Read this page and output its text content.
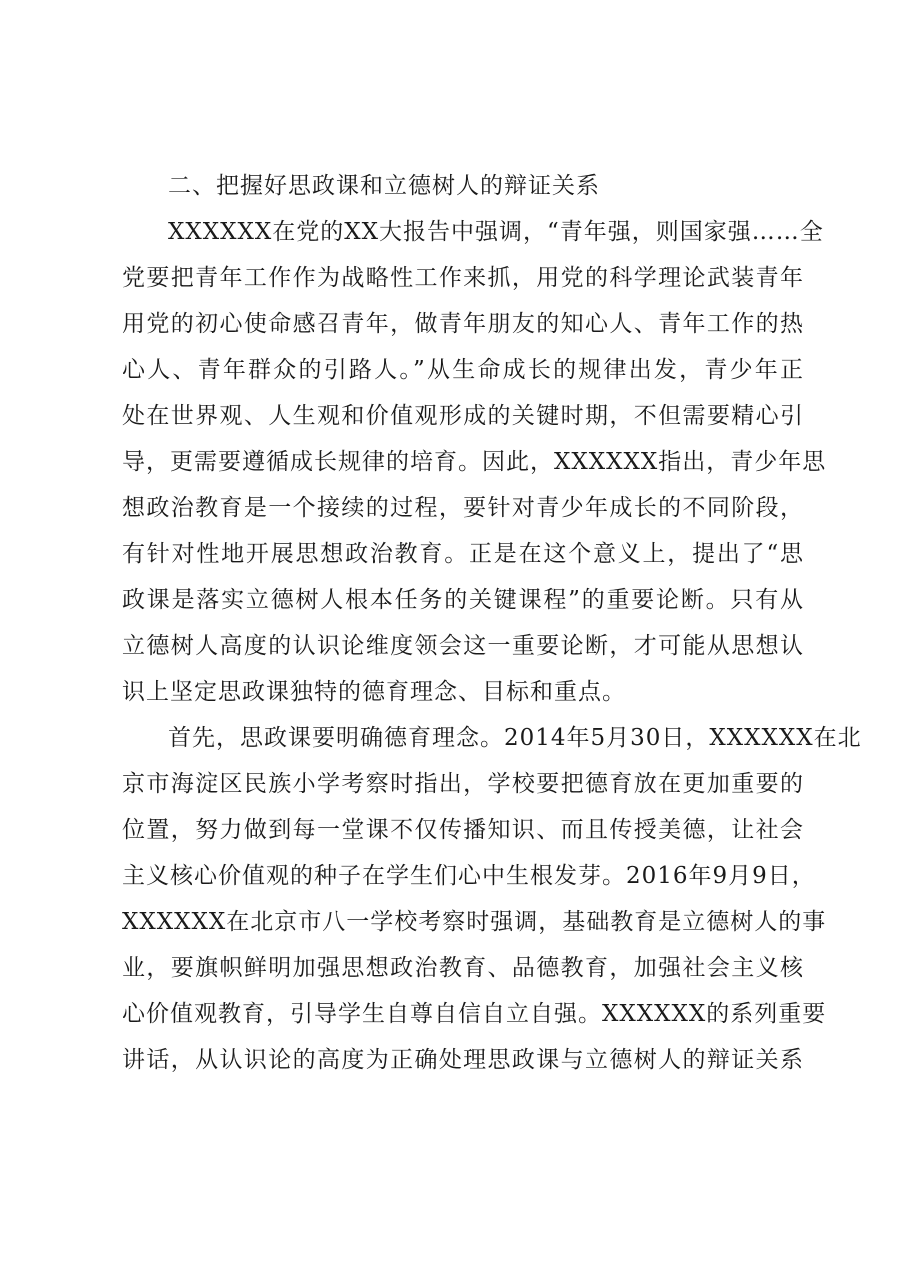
二、把握好思政课和立德树人的辩证关系
XXXXXX在党的XX大报告中强调，“青年强，则国家强……全
党要把青年工作作为战略性工作来抓，用党的科学理论武装青年
用党的初心使命感召青年，做青年朋友的知心人、青年工作的热
心人、青年群众的引路人。”从生命成长的规律出发，青少年正
处在世界观、人生观和价值观形成的关键时期，不但需要精心引
导，更需要遵循成长规律的培育。因此，XXXXXX指出，青少年思
想政治教育是一个接续的过程，要针对青少年成长的不同阶段，
有针对性地开展思想政治教育。正是在这个意义上，提出了“思
政课是落实立德树人根本任务的关键课程”的重要论断。只有从
立德树人高度的认识论维度领会这一重要论断，才可能从思想认
识上坚定思政课独特的德育理念、目标和重点。
首先，思政课要明确德育理念。2014年5月30日，XXXXXX在北
京市海淀区民族小学考察时指出，学校要把德育放在更加重要的
位置，努力做到每一堂课不仅传播知识、而且传授美德，让社会
主义核心价值观的种子在学生们心中生根发芽。2016年9月9日，
XXXXXX在北京市八一学校考察时强调，基础教育是立德树人的事
业，要旗帜鲜明加强思想政治教育、品德教育，加强社会主义核
心价值观教育，引导学生自尊自信自立自强。XXXXXX的系列重要
讲话，从认识论的高度为正确处理思政课与立德树人的辩证关系
